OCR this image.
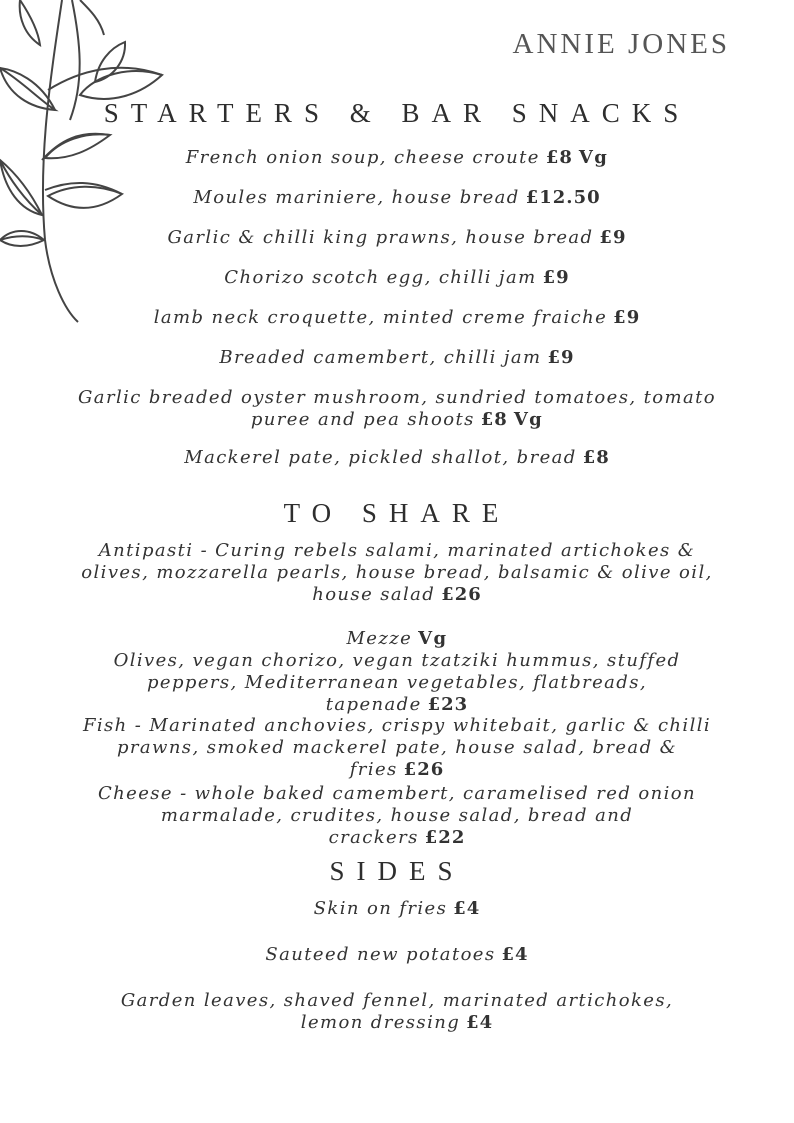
ANNIE JONES
STARTERS & BAR SNACKS
French onion soup, cheese croute £8 Vg
Moules mariniere, house bread £12.50
Garlic & chilli king prawns, house bread £9
Chorizo scotch egg, chilli jam £9
lamb neck croquette, minted creme fraiche £9
Breaded camembert, chilli jam £9
Garlic breaded oyster mushroom, sundried tomatoes, tomato puree and pea shoots £8 Vg
Mackerel pate, pickled shallot, bread £8
TO SHARE
Antipasti - Curing rebels salami, marinated artichokes & olives, mozzarella pearls, house bread, balsamic & olive oil, house salad £26
Mezze Vg
Olives, vegan chorizo, vegan tzatziki hummus, stuffed peppers, Mediterranean vegetables, flatbreads, tapenade £23
Fish - Marinated anchovies, crispy whitebait, garlic & chilli prawns, smoked mackerel pate, house salad, bread & fries £26
Cheese - whole baked camembert, caramelised red onion marmalade, crudites, house salad, bread and crackers £22
SIDES
Skin on fries £4
Sauteed new potatoes £4
Garden leaves, shaved fennel, marinated artichokes, lemon dressing £4
